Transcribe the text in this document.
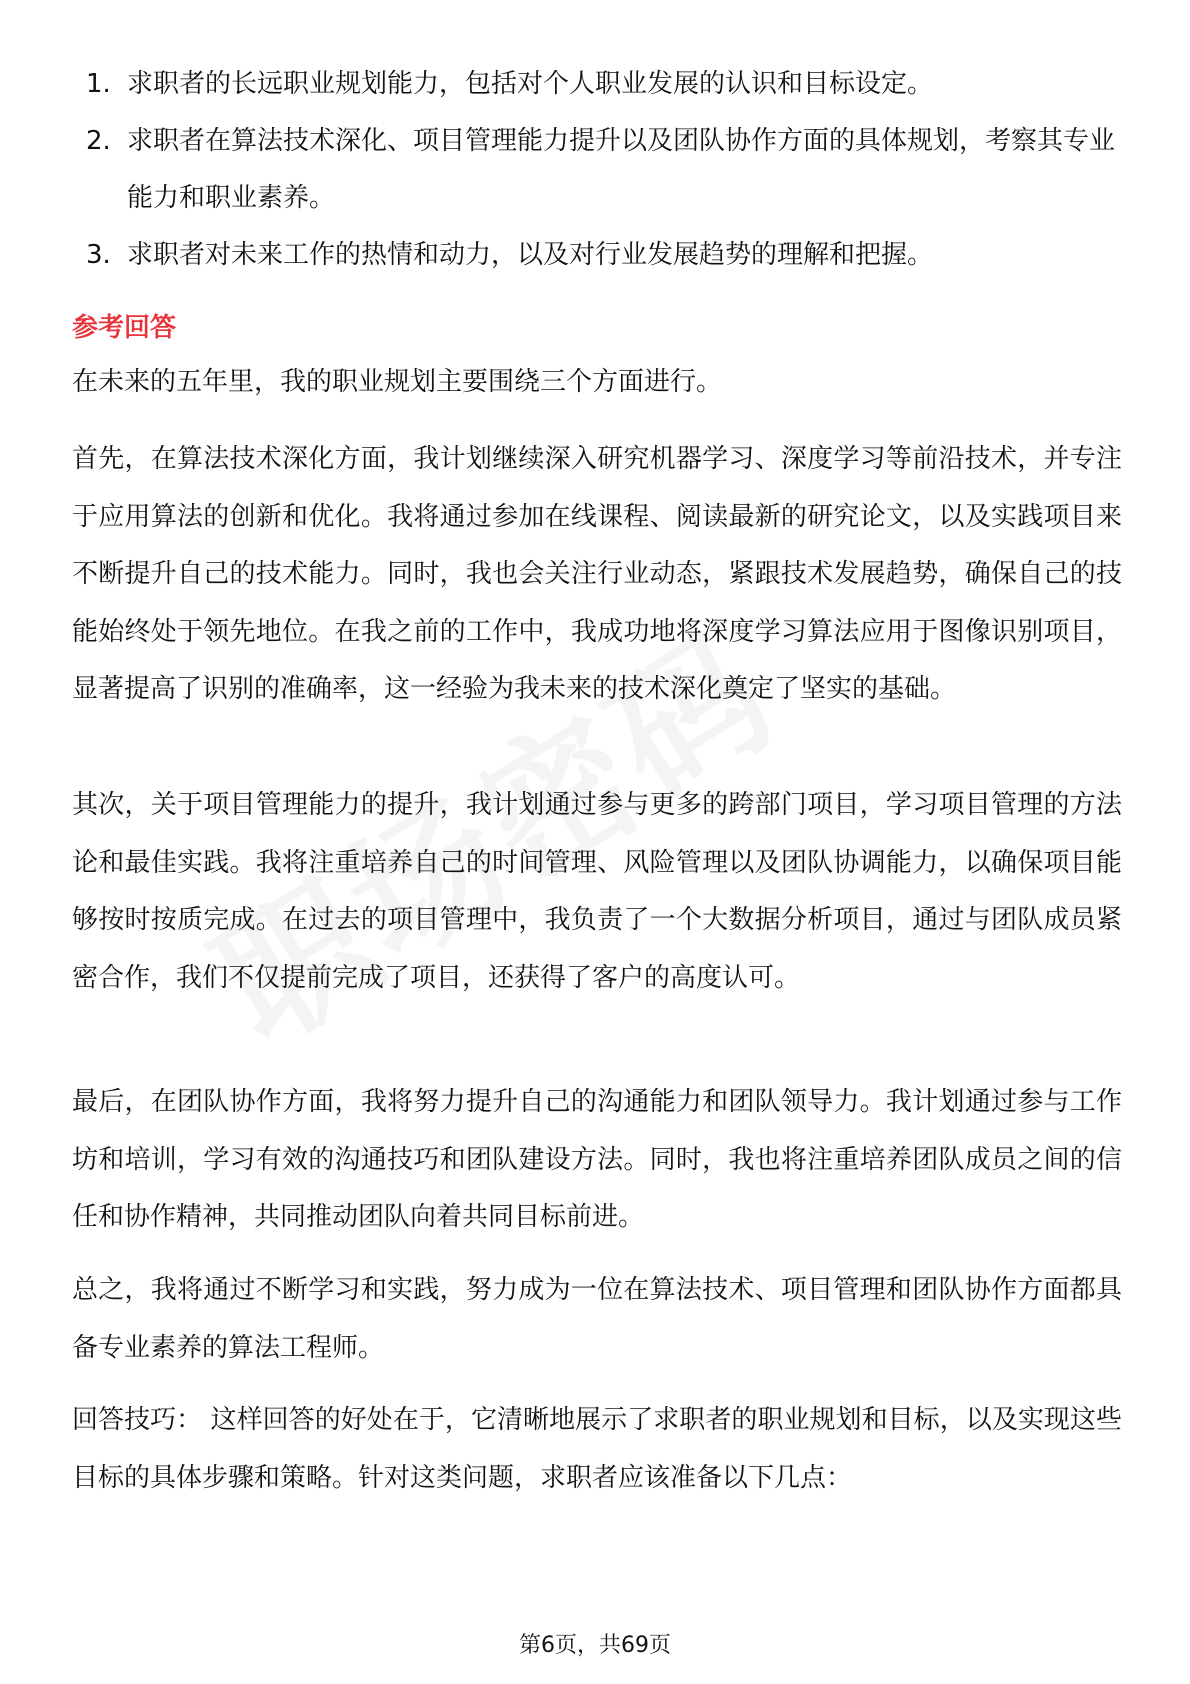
1. 求职者的长远职业规划能力，包括对个人职业发展的认识和目标设定。
2. 求职者在算法技术深化、项目管理能力提升以及团队协作方面的具体规划，考察其专业能力和职业素养。
3. 求职者对未来工作的热情和动力，以及对行业发展趋势的理解和把握。
参考回答

在未来的五年里，我的职业规划主要围绕三个方面进行。

首先，在算法技术深化方面，我计划继续深入研究机器学习、深度学习等前沿技术，并专注于应用算法的创新和优化。我将通过参加在线课程、阅读最新的研究论文，以及实践项目来不断提升自己的技术能力。同时，我也会关注行业动态，紧跟技术发展趋势，确保自己的技能始终处于领先地位。在我之前的工作中，我成功地将深度学习算法应用于图像识别项目，显著提高了识别的准确率，这一经验为我未来的技术深化奠定了坚实的基础。

其次，关于项目管理能力的提升，我计划通过参与更多的跨部门项目，学习项目管理的方法论和最佳实践。我将注重培养自己的时间管理、风险管理以及团队协调能力，以确保项目能够按时按质完成。在过去的项目管理中，我负责了一个大数据分析项目，通过与团队成员紧密合作，我们不仅提前完成了项目，还获得了客户的高度认可。

最后，在团队协作方面，我将努力提升自己的沟通能力和团队领导力。我计划通过参与工作坊和培训，学习有效的沟通技巧和团队建设方法。同时，我也将注重培养团队成员之间的信任和协作精神，共同推动团队向着共同目标前进。

总之，我将通过不断学习和实践，努力成为一位在算法技术、项目管理和团队协作方面都具备专业素养的算法工程师。

回答技巧： 这样回答的好处在于，它清晰地展示了求职者的职业规划和目标，以及实现这些目标的具体步骤和策略。针对这类问题，求职者应该准备以下几点：

第6页，共69页
